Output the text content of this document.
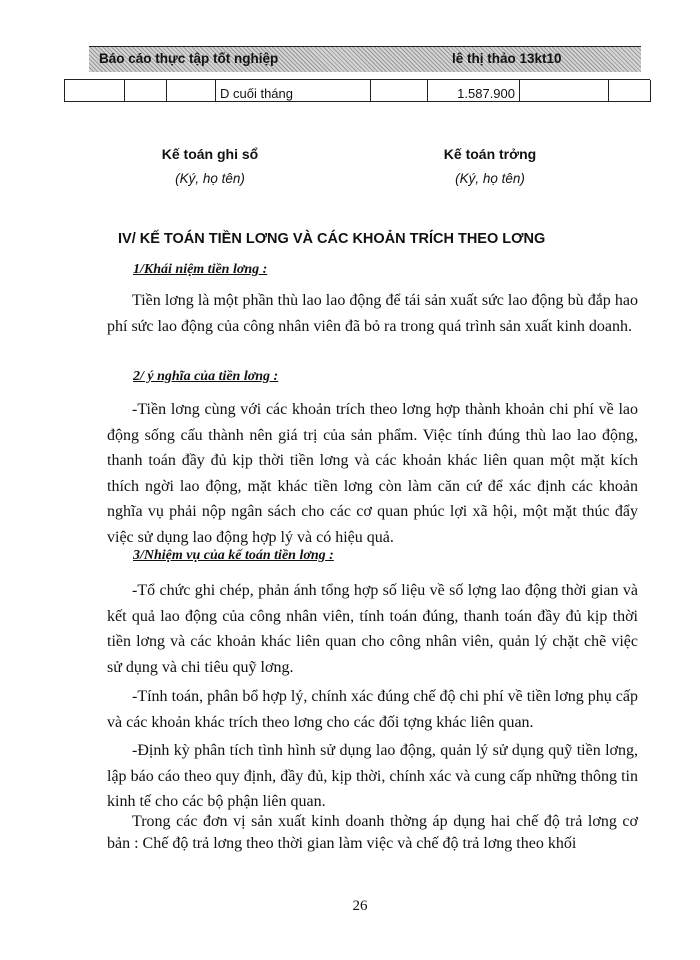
Báo cáo thực tập tốt nghiệp	lê thị thảo 13kt10
			D cuối tháng		1.587.900		
Kế toán ghi sổ
(Ký, họ tên)
Kế toán trởng
(Ký, họ tên)
IV/ KẾ TOÁN TIỀN LƠNG VÀ CÁC KHOẢN TRÍCH THEO LƠNG
1/Khái niệm tiền lơng :

Tiền lơng là một phần thù lao lao động để tái sản xuất sức lao động bù đắp hao phí sức lao động của công nhân viên đã bỏ ra trong quá trình sản xuất kinh doanh.

2/ ý nghĩa của tiền lơng :

-Tiền lơng cùng với các khoản trích theo lơng hợp thành khoản chi phí về lao động sống cấu thành nên giá trị của sản phẩm. Việc tính đúng thù lao lao động, thanh toán đầy đủ kịp thời tiền lơng và các khoản khác liên quan một mặt kích thích ngời lao động, mặt khác tiền lơng còn làm căn cứ để xác định các khoản nghĩa vụ phải nộp ngân sách cho các cơ quan phúc lợi xã hội, một mặt thúc đẩy việc sử dụng lao động hợp lý và có hiệu quả.

3/Nhiệm vụ của kế toán tiền lơng :

-Tổ chức ghi chép, phản ánh tổng hợp số liệu về số lợng lao động thời gian và kết quả lao động của công nhân viên, tính toán đúng, thanh toán đầy đủ kịp thời tiền lơng và các khoản khác liên quan cho công nhân viên, quản lý chặt chẽ việc sử dụng và chi tiêu quỹ lơng.

-Tính toán, phân bổ hợp lý, chính xác đúng chế độ chi phí về tiền lơng phụ cấp và các khoản khác trích theo lơng cho các đối tợng khác liên quan.

-Định kỳ phân tích tình hình sử dụng lao động, quản lý sử dụng quỹ tiền lơng, lập báo cáo theo quy định, đầy đủ, kịp thời, chính xác và cung cấp những thông tin kinh tế cho các bộ phận liên quan.

Trong các đơn vị sản xuất kinh doanh thờng áp dụng hai chế độ trả lơng cơ bản : Chế độ trả lơng theo thời gian làm việc và chế độ trả lơng theo khối

26
